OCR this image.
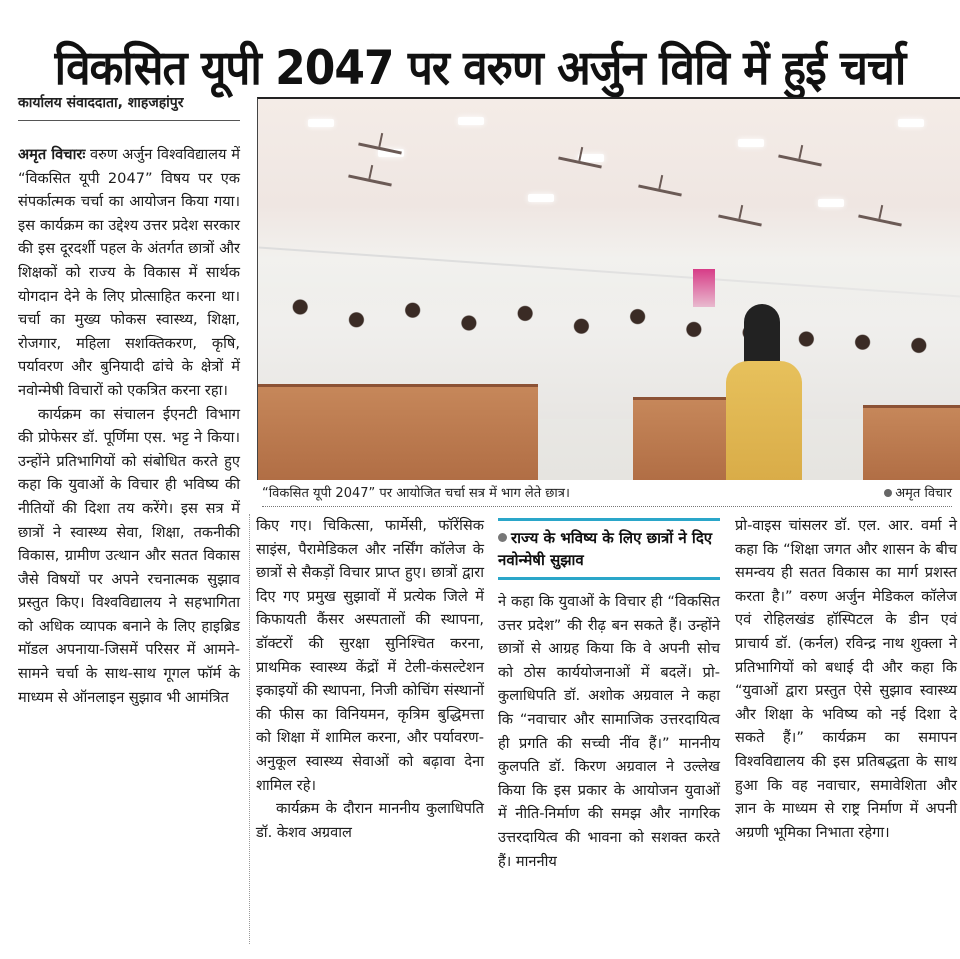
विकसित यूपी 2047 पर वरुण अर्जुन विवि में हुई चर्चा
कार्यालय संवाददाता, शाहजहांपुर
“विकसित यूपी 2047” पर आयोजित चर्चा सत्र में भाग लेते छात्र।	अमृत विचार

अमृत विचारः वरुण अर्जुन विश्वविद्यालय में “विकसित यूपी 2047” विषय पर एक संपर्कात्मक चर्चा का आयोजन किया गया। इस कार्यक्रम का उद्देश्य उत्तर प्रदेश सरकार की इस दूरदर्शी पहल के अंतर्गत छात्रों और शिक्षकों को राज्य के विकास में सार्थक योगदान देने के लिए प्रोत्साहित करना था। चर्चा का मुख्य फोकस स्वास्थ्य, शिक्षा, रोजगार, महिला सशक्तिकरण, कृषि, पर्यावरण और बुनियादी ढांचे के क्षेत्रों में नवोन्मेषी विचारों को एकत्रित करना रहा।

कार्यक्रम का संचालन ईएनटी विभाग की प्रोफेसर डॉ. पूर्णिमा एस. भट्ट ने किया। उन्होंने प्रतिभागियों को संबोधित करते हुए कहा कि युवाओं के विचार ही भविष्य की नीतियों की दिशा तय करेंगे। इस सत्र में छात्रों ने स्वास्थ्य सेवा, शिक्षा, तकनीकी विकास, ग्रामीण उत्थान और सतत विकास जैसे विषयों पर अपने रचनात्मक सुझाव प्रस्तुत किए। विश्वविद्यालय ने सहभागिता को अधिक व्यापक बनाने के लिए हाइब्रिड मॉडल अपनाया-जिसमें परिसर में आमने-सामने चर्चा के साथ-साथ गूगल फॉर्म के माध्यम से ऑनलाइन सुझाव भी आमंत्रित

किए गए। चिकित्सा, फार्मेसी, फॉरेंसिक साइंस, पैरामेडिकल और नर्सिंग कॉलेज के छात्रों से सैकड़ों विचार प्राप्त हुए। छात्रों द्वारा दिए गए प्रमुख सुझावों में प्रत्येक जिले में किफायती कैंसर अस्पतालों की स्थापना, डॉक्टरों की सुरक्षा सुनिश्चित करना, प्राथमिक स्वास्थ्य केंद्रों में टेली-कंसल्टेशन इकाइयों की स्थापना, निजी कोचिंग संस्थानों की फीस का विनियमन, कृत्रिम बुद्धिमत्ता को शिक्षा में शामिल करना, और पर्यावरण-अनुकूल स्वास्थ्य सेवाओं को बढ़ावा देना शामिल रहे।

कार्यक्रम के दौरान माननीय कुलाधिपति डॉ. केशव अग्रवाल

राज्य के भविष्य के लिए छात्रों ने दिए नवोन्मेषी सुझाव

ने कहा कि युवाओं के विचार ही “विकसित उत्तर प्रदेश” की रीढ़ बन सकते हैं। उन्होंने छात्रों से आग्रह किया कि वे अपनी सोच को ठोस कार्ययोजनाओं में बदलें। प्रो-कुलाधिपति डॉ. अशोक अग्रवाल ने कहा कि “नवाचार और सामाजिक उत्तरदायित्व ही प्रगति की सच्ची नींव हैं।” माननीय कुलपति डॉ. किरण अग्रवाल ने उल्लेख किया कि इस प्रकार के आयोजन युवाओं में नीति-निर्माण की समझ और नागरिक उत्तरदायित्व की भावना को सशक्त करते हैं। माननीय

प्रो-वाइस चांसलर डॉ. एल. आर. वर्मा ने कहा कि “शिक्षा जगत और शासन के बीच समन्वय ही सतत विकास का मार्ग प्रशस्त करता है।” वरुण अर्जुन मेडिकल कॉलेज एवं रोहिलखंड हॉस्पिटल के डीन एवं प्राचार्य डॉ. (कर्नल) रविन्द्र नाथ शुक्ला ने प्रतिभागियों को बधाई दी और कहा कि “युवाओं द्वारा प्रस्तुत ऐसे सुझाव स्वास्थ्य और शिक्षा के भविष्य को नई दिशा दे सकते हैं।” कार्यक्रम का समापन विश्वविद्यालय की इस प्रतिबद्धता के साथ हुआ कि वह नवाचार, समावेशिता और ज्ञान के माध्यम से राष्ट्र निर्माण में अपनी अग्रणी भूमिका निभाता रहेगा।
